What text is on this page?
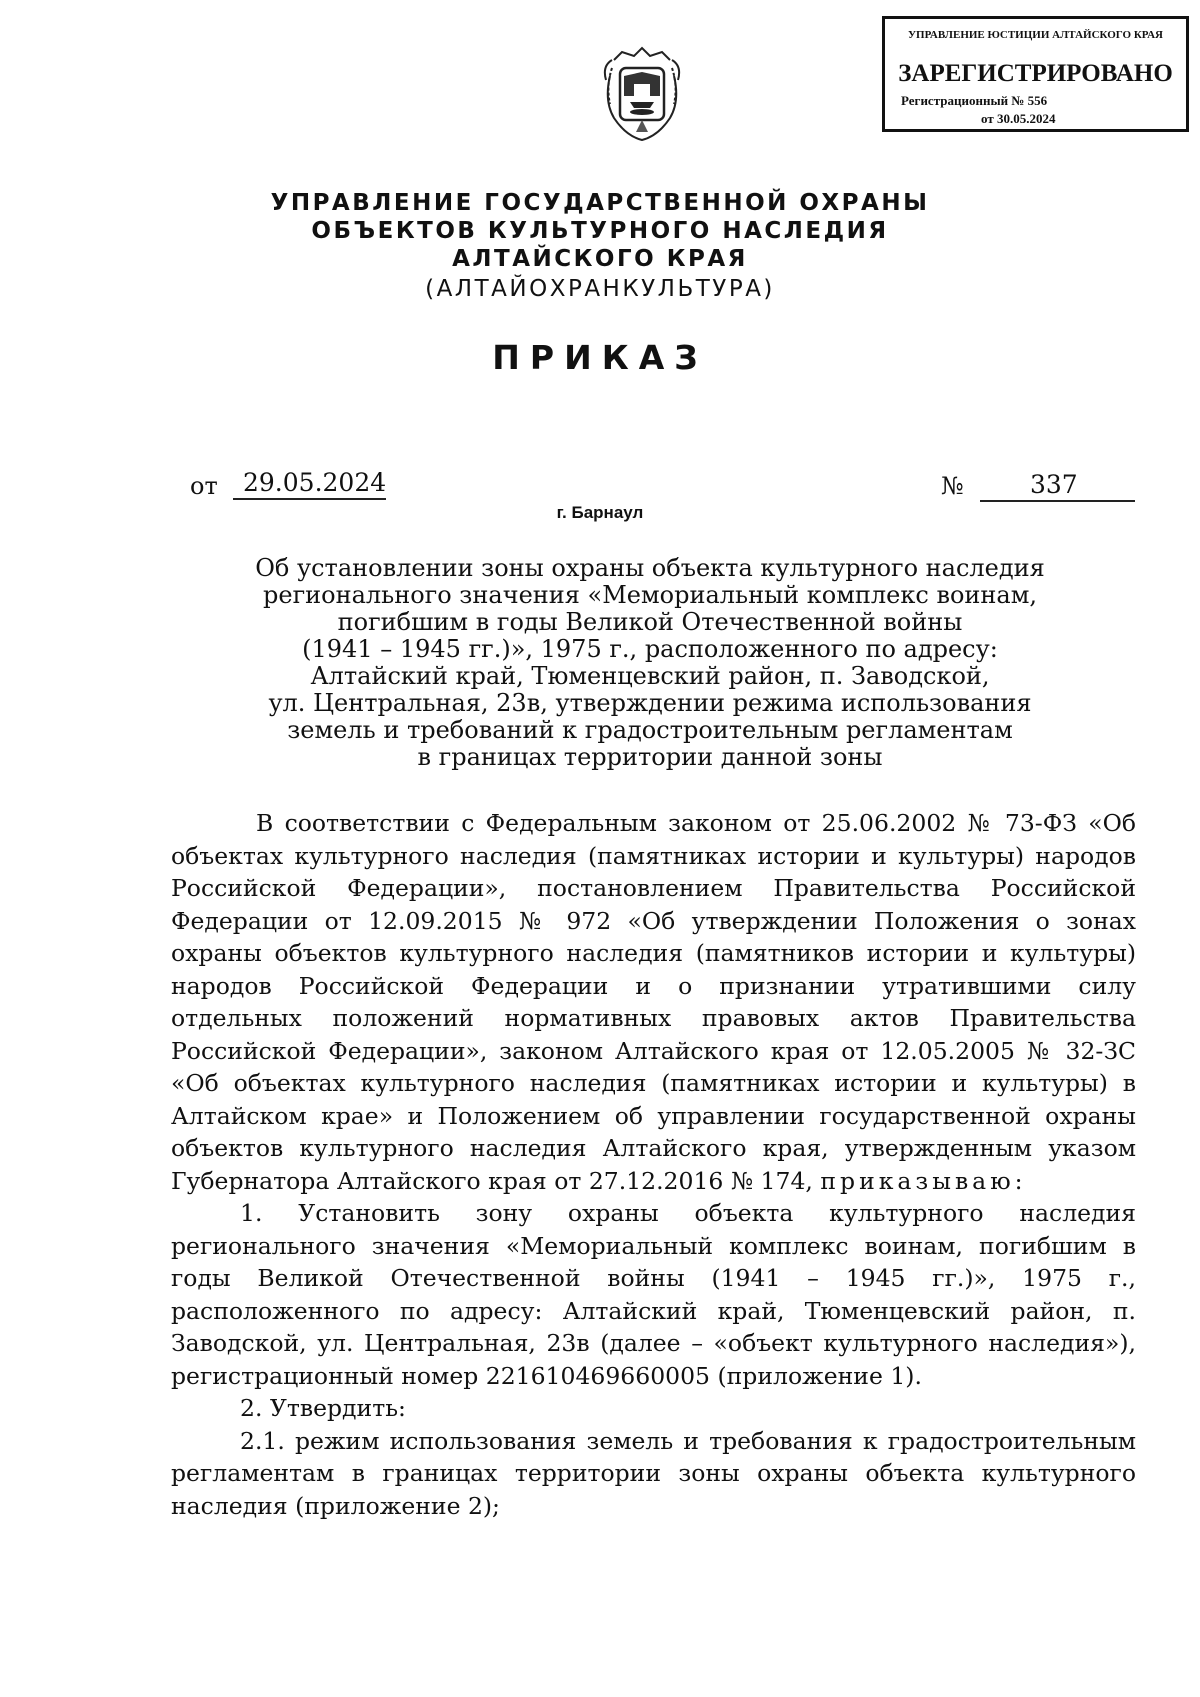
УПРАВЛЕНИЕ ЮСТИЦИИ АЛТАЙСКОГО КРАЯ
ЗАРЕГИСТРИРОВАНО
Регистрационный № 556
от 30.05.2024
УПРАВЛЕНИЕ ГОСУДАРСТВЕННОЙ ОХРАНЫ
ОБЪЕКТОВ КУЛЬТУРНОГО НАСЛЕДИЯ
АЛТАЙСКОГО КРАЯ
(АЛТАЙОХРАНКУЛЬТУРА)
ПРИКАЗ
от 29.05.2024	№	337
г. Барнаул
Об установлении зоны охраны объекта культурного наследия
регионального значения «Мемориальный комплекс воинам,
погибшим в годы Великой Отечественной войны
(1941 – 1945 гг.)», 1975 г., расположенного по адресу:
Алтайский край, Тюменцевский район, п. Заводской,
ул. Центральная, 23в, утверждении режима использования
земель и требований к градостроительным регламентам
в границах территории данной зоны

В соответствии с Федеральным законом от 25.06.2002 № 73-ФЗ «Об объектах культурного наследия (памятниках истории и культуры) народов Российской Федерации», постановлением Правительства Российской Федерации от 12.09.2015 № 972 «Об утверждении Положения о зонах охраны объектов культурного наследия (памятников истории и культуры) народов Российской Федерации и о признании утратившими силу отдельных положений нормативных правовых актов Правительства Российской Федерации», законом Алтайского края от 12.05.2005 № 32-ЗС «Об объектах культурного наследия (памятниках истории и культуры) в Алтайском крае» и Положением об управлении государственной охраны объектов культурного наследия Алтайского края, утвержденным указом Губернатора Алтайского края от 27.12.2016 № 174, приказываю:

1. Установить зону охраны объекта культурного наследия регионального значения «Мемориальный комплекс воинам, погибшим в годы Великой Отечественной войны (1941 – 1945 гг.)», 1975 г., расположенного по адресу: Алтайский край, Тюменцевский район, п. Заводской, ул. Центральная, 23в (далее – «объект культурного наследия»), регистрационный номер 221610469660005 (приложение 1).

2. Утвердить:

2.1. режим использования земель и требования к градостроительным регламентам в границах территории зоны охраны объекта культурного наследия (приложение 2);
